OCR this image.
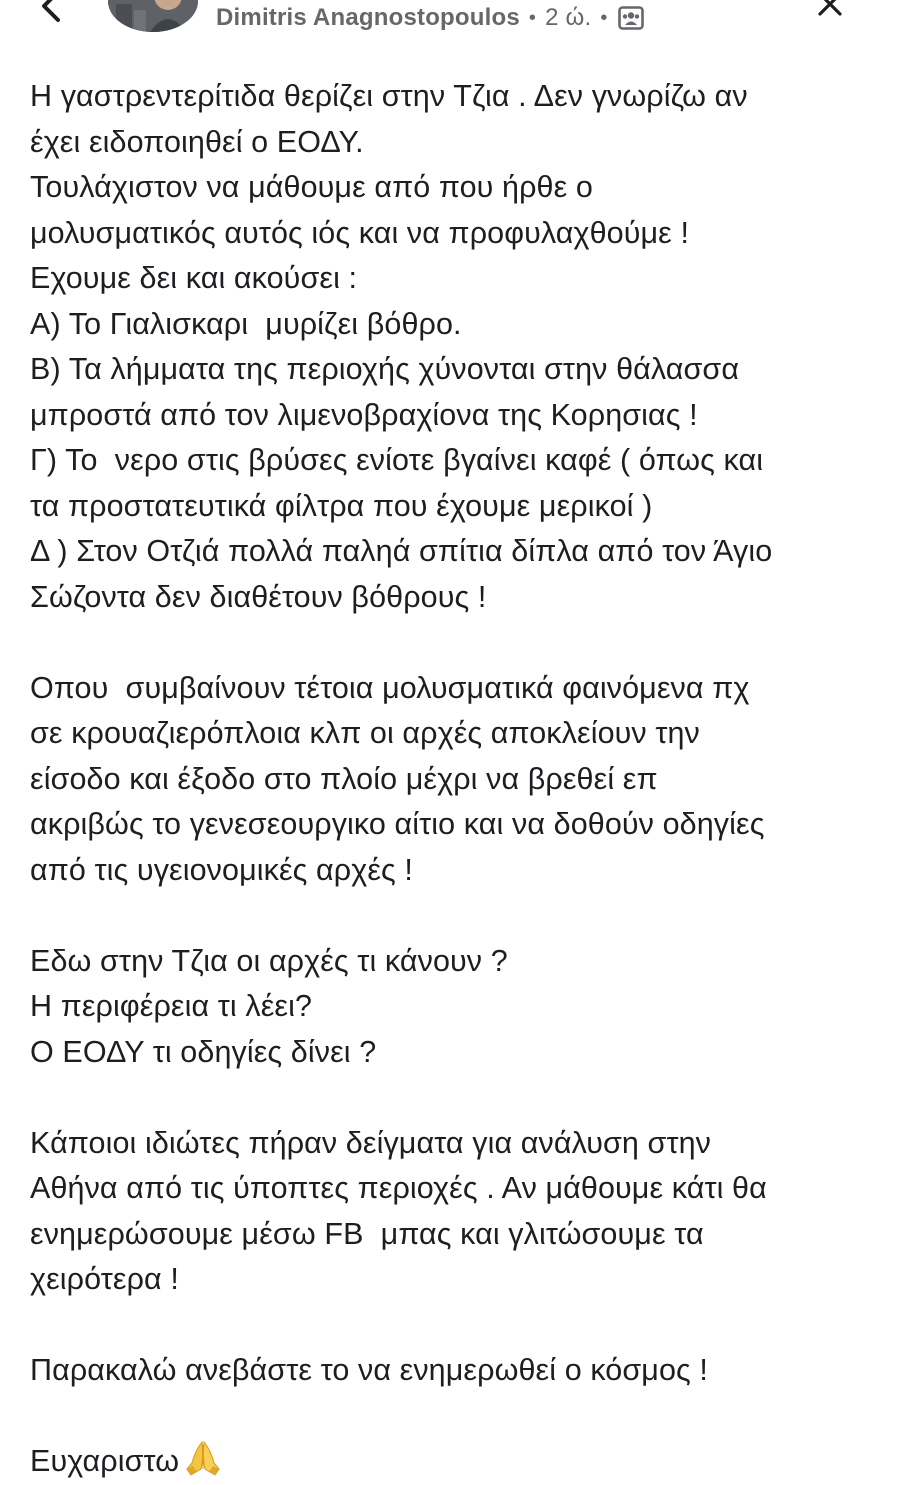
Dimitris Anagnostopoulos • 2 ώ. •
Η γαστρεντερίτιδα θερίζει στην Τζια . Δεν γνωρίζω αν
έχει ειδοποιηθεί ο ΕΟΔΥ.
Τουλάχιστον να μάθουμε από που ήρθε ο
μολυσματικός αυτός ιός και να προφυλαχθούμε !
Εχουμε δει και ακούσει :
Α) Το Γιαλισκαρι  μυρίζει βόθρο.
Β) Τα λήμματα της περιοχής χύνονται στην θάλασσα
μπροστά από τον λιμενοβραχίονα της Κορησιας !
Γ) Το  νερο στις βρύσες ενίοτε βγαίνει καφέ ( όπως και
τα προστατευτικά φίλτρα που έχουμε μερικοί )
Δ ) Στον Οτζιά πολλά παληά σπίτια δίπλα από τον Άγιο
Σώζοντα δεν διαθέτουν βόθρους !
Οπου  συμβαίνουν τέτοια μολυσματικά φαινόμενα πχ
σε κρουαζιερόπλοια κλπ οι αρχές αποκλείουν την
είσοδο και έξοδο στο πλοίο μέχρι να βρεθεί επ
ακριβώς το γενεσεουργικο αίτιο και να δοθούν οδηγίες
από τις υγειονομικές αρχές !
Εδω στην Τζια οι αρχές τι κάνουν ?
Η περιφέρεια τι λέει?
Ο ΕΟΔΥ τι οδηγίες δίνει ?
Κάποιοι ιδιώτες πήραν δείγματα για ανάλυση στην
Αθήνα από τις ύποπτες περιοχές . Αν μάθουμε κάτι θα
ενημερώσουμε μέσω FB  μπας και γλιτώσουμε τα
χειρότερα !
Παρακαλώ ανεβάστε το να ενημερωθεί ο κόσμος !
Ευχαριστω
